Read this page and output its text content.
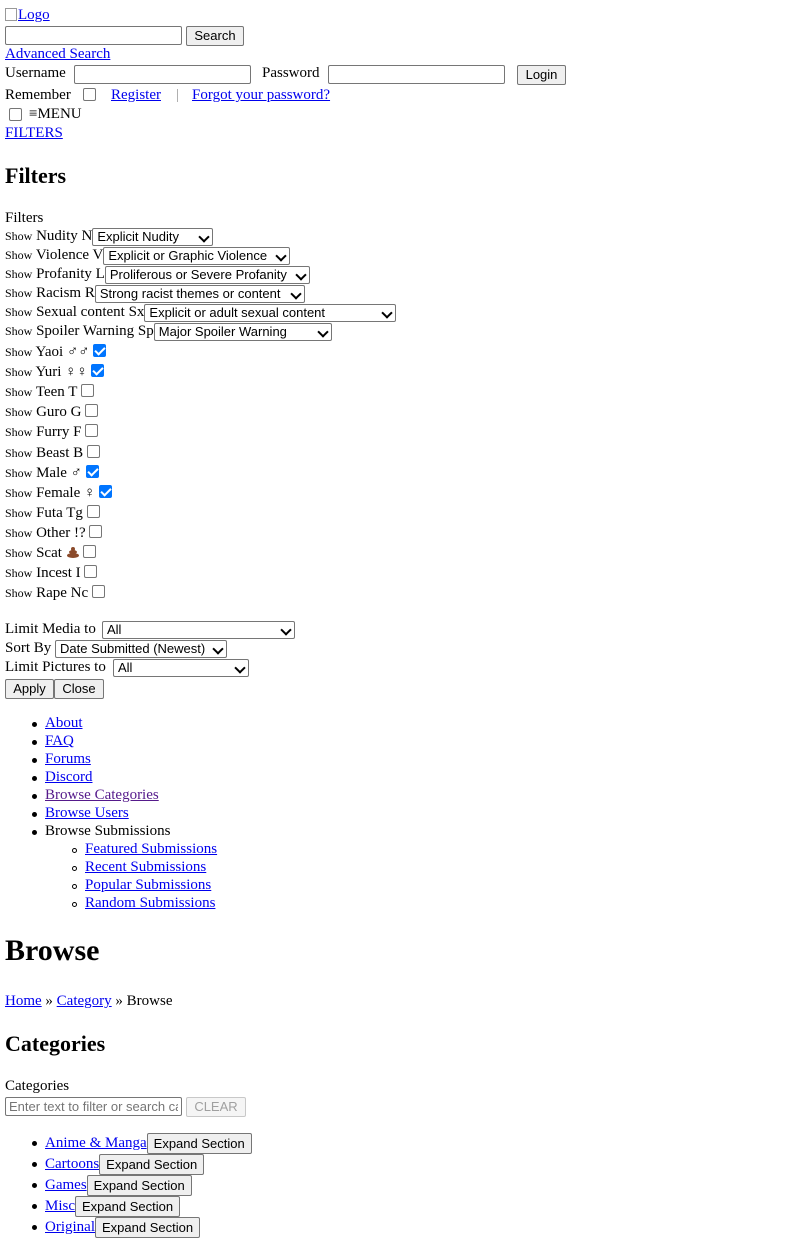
Logo
Search
Advanced Search
Username	Password	Login
Remember	Register | Forgot your password?
≡MENU
FILTERS
Filters
Filters
Show Nudity N Explicit Nudity
Show Violence V Explicit or Graphic Violence
Show Profanity L Proliferous or Severe Profanity
Show Racism R Strong racist themes or content
Show Sexual content Sx Explicit or adult sexual content
Show Spoiler Warning Sp Major Spoiler Warning
Show Yaoi ♂♂
Show Yuri ♀♀
Show Teen T
Show Guro G
Show Furry F
Show Beast B
Show Male ♂
Show Female ♀
Show Futa Tg
Show Other !?
Show Scat

Show Incest I
Show Rape Nc
Limit Media to All
Sort By Date Submitted (Newest)
Limit Pictures to All
Apply	Close
About
FAQ
Forums
Discord
Browse Categories
Browse Users
Browse Submissions
Featured Submissions
Recent Submissions
Popular Submissions
Random Submissions
Browse
Home » Category » Browse
Categories
Categories
Enter text to filter or search categories
CLEAR
Anime & Manga Expand Section
Cartoons Expand Section
Games Expand Section
Misc Expand Section
Original Expand Section
